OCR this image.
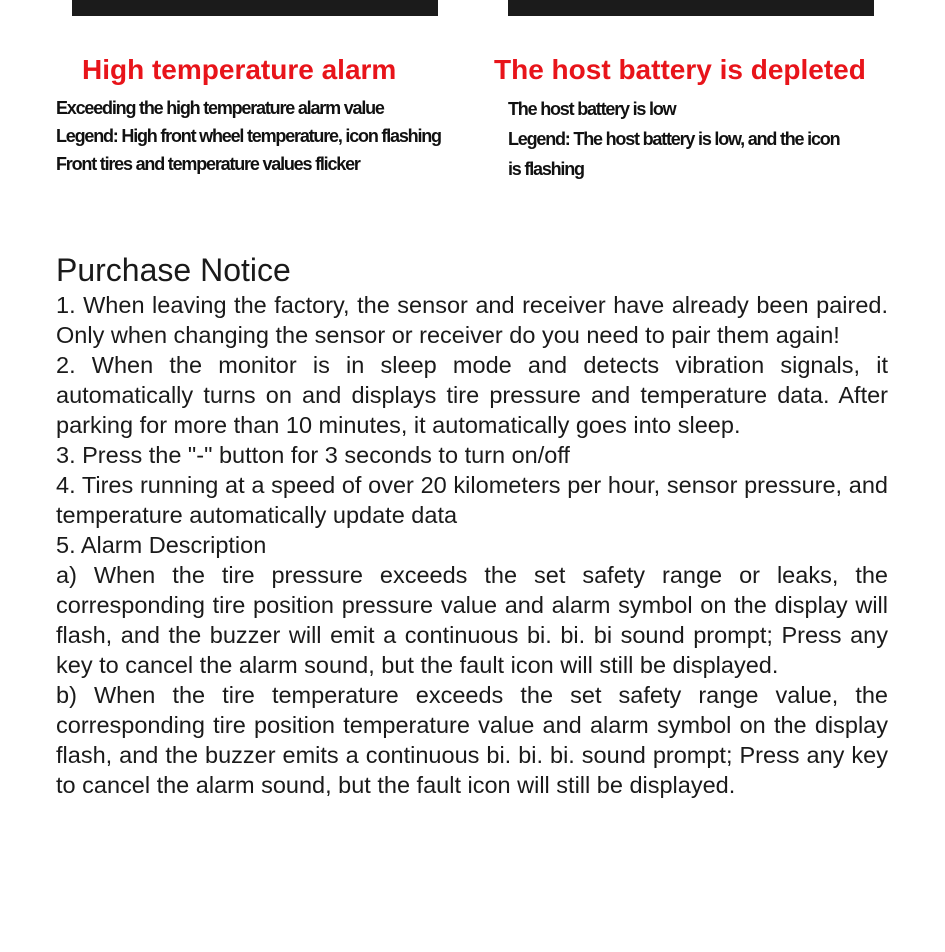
High temperature alarm

Exceeding the high temperature alarm value
Legend: High front wheel temperature, icon flashing
Front tires and temperature values flicker

The host battery is depleted

The host battery is low
Legend: The host battery is low, and the icon
is flashing

Purchase Notice

1. When leaving the factory, the sensor and receiver have already been paired. Only when changing the sensor or receiver do you need to pair them again!

2. When the monitor is in sleep mode and detects vibration signals, it automatically turns on and displays tire pressure and temperature data. After parking for more than 10 minutes, it automatically goes into sleep.

3. Press the "-" button for 3 seconds to turn on/off

4. Tires running at a speed of over 20 kilometers per hour, sensor pressure, and temperature automatically update data

5. Alarm Description

a) When the tire pressure exceeds the set safety range or leaks, the corresponding tire position pressure value and alarm symbol on the display will flash, and the buzzer will emit a continuous bi. bi. bi sound prompt; Press any key to cancel the alarm sound, but the fault icon will still be displayed.

b) When the tire temperature exceeds the set safety range value, the corresponding tire position temperature value and alarm symbol on the display flash, and the buzzer emits a continuous bi. bi. bi. sound prompt; Press any key to cancel the alarm sound, but the fault icon will still be displayed.
